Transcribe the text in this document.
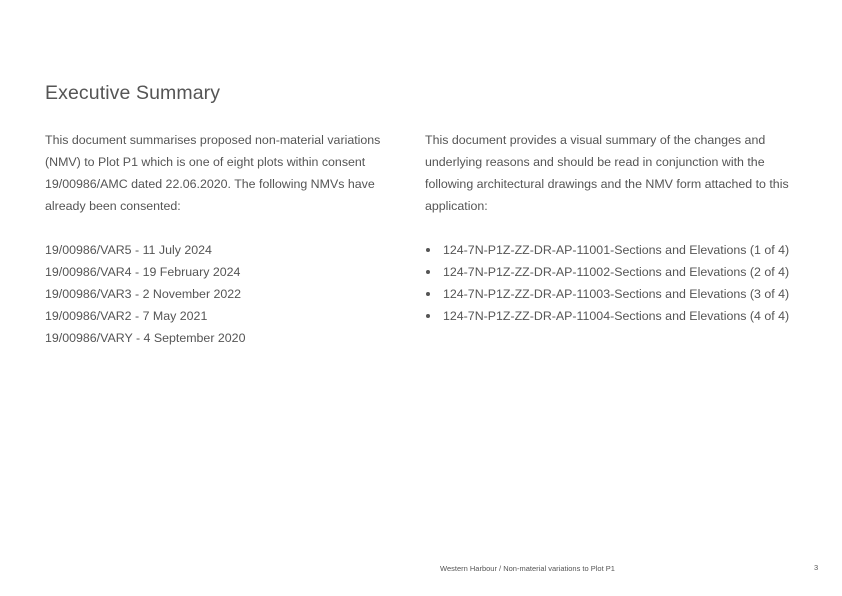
Executive Summary

This document summarises proposed non-material variations (NMV) to Plot P1 which is one of eight plots within consent 19/00986/AMC dated 22.06.2020. The following NMVs have already been consented:

19/00986/VAR5 - 11 July 2024
19/00986/VAR4 - 19 February 2024
19/00986/VAR3 - 2 November 2022
19/00986/VAR2 - 7 May 2021
19/00986/VARY - 4 September 2020

This document provides a visual summary of the changes and underlying reasons and should be read in conjunction with the following architectural drawings and the NMV form attached to this application:

124-7N-P1Z-ZZ-DR-AP-11001-Sections and Elevations (1 of 4)
124-7N-P1Z-ZZ-DR-AP-11002-Sections and Elevations (2 of 4)
124-7N-P1Z-ZZ-DR-AP-11003-Sections and Elevations (3 of 4)
124-7N-P1Z-ZZ-DR-AP-11004-Sections and Elevations (4 of 4)
Western Harbour / Non-material variations to Plot P1	3
